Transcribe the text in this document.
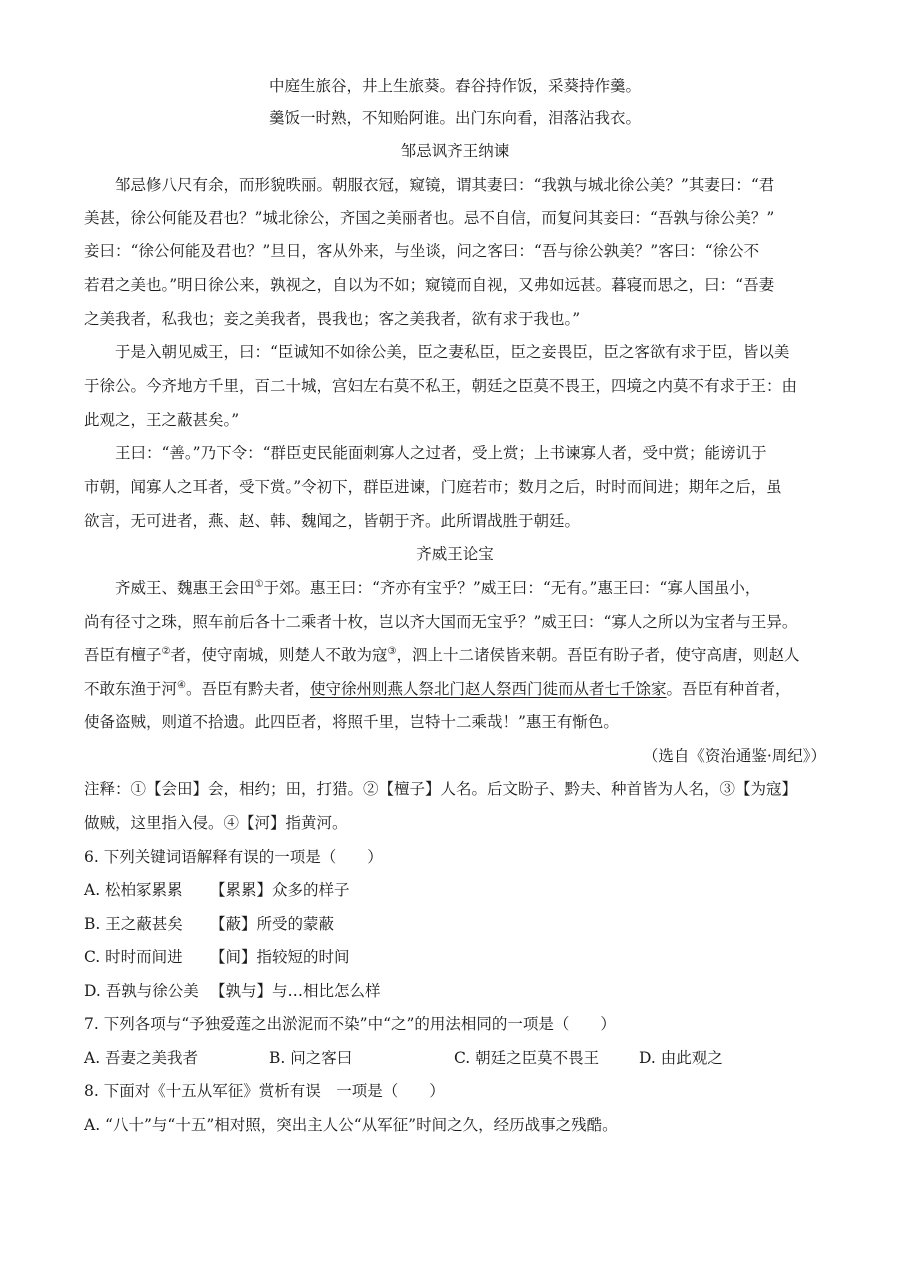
中庭生旅谷，井上生旅葵。舂谷持作饭，采葵持作羹。
羹饭一时熟，不知贻阿谁。出门东向看，泪落沾我衣。
邹忌讽齐王纳谏
邹忌修八尺有余，而形貌昳丽。朝服衣冠，窥镜，谓其妻曰：“我孰与城北徐公美？”其妻曰：“君
美甚，徐公何能及君也？”城北徐公，齐国之美丽者也。忌不自信，而复问其妾曰：“吾孰与徐公美？”
妾曰：“徐公何能及君也？”旦日，客从外来，与坐谈，问之客曰：“吾与徐公孰美？”客曰：“徐公不
若君之美也。”明日徐公来，孰视之，自以为不如；窥镜而自视，又弗如远甚。暮寝而思之，曰：“吾妻
之美我者，私我也；妾之美我者，畏我也；客之美我者，欲有求于我也。”
于是入朝见威王，曰：“臣诚知不如徐公美，臣之妻私臣，臣之妾畏臣，臣之客欲有求于臣，皆以美
于徐公。今齐地方千里，百二十城，宫妇左右莫不私王，朝廷之臣莫不畏王，四境之内莫不有求于王：由
此观之，王之蔽甚矣。”
王曰：“善。”乃下令：“群臣吏民能面刺寡人之过者，受上赏；上书谏寡人者，受中赏；能谤讥于
市朝，闻寡人之耳者，受下赏。”令初下，群臣进谏，门庭若市；数月之后，时时而间进；期年之后，虽
欲言，无可进者，燕、赵、韩、魏闻之，皆朝于齐。此所谓战胜于朝廷。
齐威王论宝
齐威王、魏惠王会田①于郊。惠王曰：“齐亦有宝乎？”威王曰：“无有。”惠王曰：“寡人国虽小，
尚有径寸之珠，照车前后各十二乘者十枚，岂以齐大国而无宝乎？”威王曰：“寡人之所以为宝者与王异。
吾臣有檀子②者，使守南城，则楚人不敢为寇③，泗上十二诸侯皆来朝。吾臣有盼子者，使守高唐，则赵人
不敢东渔于河④。吾臣有黔夫者，使守徐州则燕人祭北门赵人祭西门徙而从者七千馀家。吾臣有种首者，
使备盗贼，则道不拾遗。此四臣者，将照千里，岂特十二乘哉！”惠王有惭色。
（选自《资治通鉴·周纪》）
注释：①【会田】会，相约；田，打猎。②【檀子】人名。后文盼子、黔夫、种首皆为人名，③【为寇】
做贼，这里指入侵。④【河】指黄河。
6. 下列关键词语解释有误的一项是（　　）
A. 松柏冢累累 【累累】众多的样子
B. 王之蔽甚矣 【蔽】所受的蒙蔽
C. 时时而间进 【间】指较短的时间
D. 吾孰与徐公美 【孰与】与…相比怎么样
7. 下列各项与“予独爱莲之出淤泥而不染”中“之”的用法相同的一项是（　　）
A. 吾妻之美我者	B. 问之客曰	C. 朝廷之臣莫不畏王	D. 由此观之
8. 下面对《十五从军征》赏析有误　一项是（　　）
A. “八十”与“十五”相对照，突出主人公“从军征”时间之久，经历战事之残酷。
